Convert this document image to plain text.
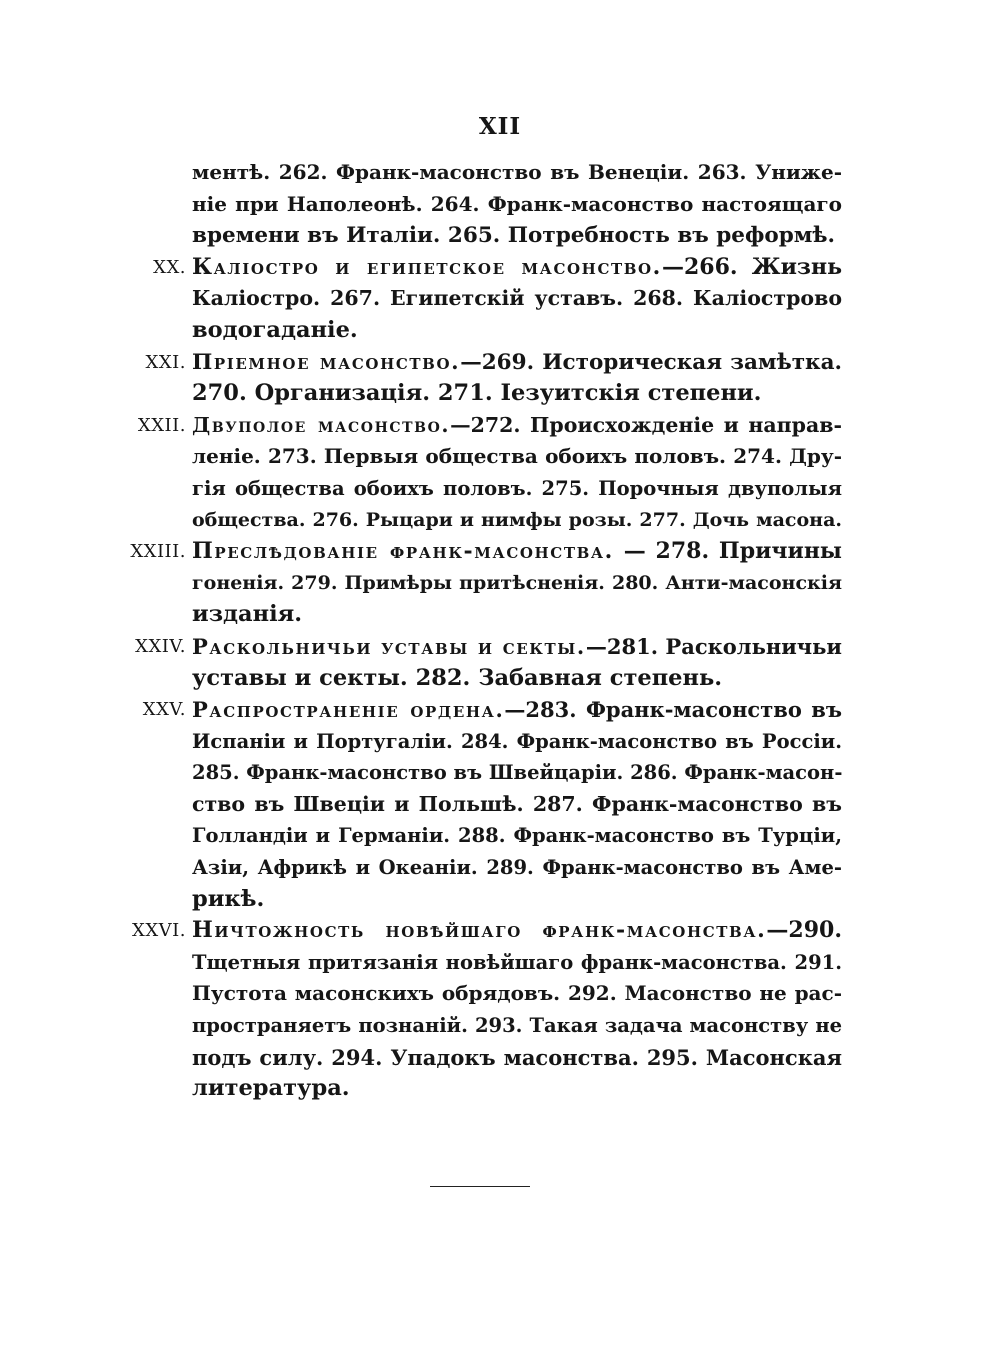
XII
ментѣ. 262. Франк-масонство въ Венеціи. 263. Униже-
ніе при Наполеонѣ. 264. Франк-масонство настоящаго
времени въ Италіи. 265. Потребность въ реформѣ.
XX. Каліостро и египетское масонство.—266. Жизнь
Каліостро. 267. Египетскій уставъ. 268. Каліострово
водогаданіе.
XXI. Пріемное масонство.—269. Историческая замѣтка.
270. Организація. 271. Іезуитскія степени.
XXII. Двуполое масонство.—272. Происхожденіе и направ-
леніе. 273. Первыя общества обоихъ половъ. 274. Дру-
гія общества обоихъ половъ. 275. Порочныя двуполыя
общества. 276. Рыцари и нимфы розы. 277. Дочь масона.
XXIII. Преслѣдованіе франк-масонства. — 278. Причины
гоненія. 279. Примѣры притѣсненія. 280. Анти-масонскія
изданія.
XXIV. Раскольничьи уставы и секты.—281. Раскольничьи
уставы и секты. 282. Забавная степень.
XXV. Распространеніе ордена.—283. Франк-масонство въ
Испаніи и Португаліи. 284. Франк-масонство въ Россіи.
285. Франк-масонство въ Швейцаріи. 286. Франк-масон-
ство въ Швеціи и Польшѣ. 287. Франк-масонство въ
Голландіи и Германіи. 288. Франк-масонство въ Турціи,
Азіи, Африкѣ и Океаніи. 289. Франк-масонство въ Аме-
рикѣ.
XXVI. Ничтожность новѣйшаго франк-масонства.—290.
Тщетныя притязанія новѣйшаго франк-масонства. 291.
Пустота масонскихъ обрядовъ. 292. Масонство не рас-
пространяетъ познаній. 293. Такая задача масонству не
подъ силу. 294. Упадокъ масонства. 295. Масонская
литература.
